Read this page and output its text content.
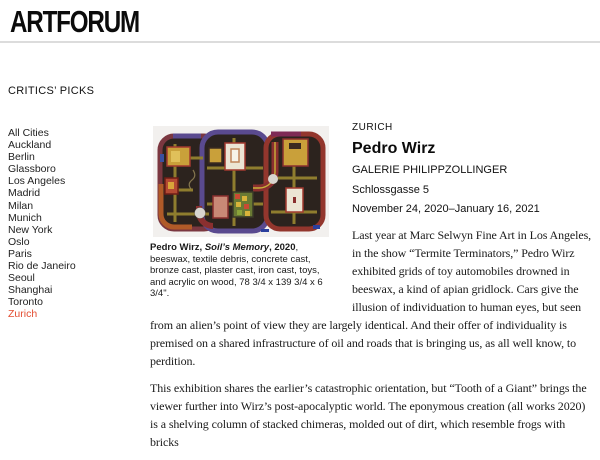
ARTFORUM
CRITICS’ PICKS
All Cities
Auckland
Berlin
Glassboro
Los Angeles
Madrid
Milan
Munich
New York
Oslo
Paris
Rio de Janeiro
Seoul
Shanghai
Toronto
Zurich
Pedro Wirz, Soil’s Memory, 2020, beeswax, textile debris, concrete cast, bronze cast, plaster cast, iron cast, toys, and acrylic on wood, 78 3/4 x 139 3/4 x 6 3/4".
ZURICH
Pedro Wirz
GALERIE PHILIPPZOLLINGER
Schlossgasse 5
November 24, 2020–January 16, 2021

Last year at Marc Selwyn Fine Art in Los Angeles, in the show “Termite Terminators,” Pedro Wirz exhibited grids of toy automobiles drowned in beeswax, a kind of apian gridlock. Cars give the illusion of individuation to human eyes, but seen from an alien’s point of view they are largely identical. And their offer of individuality is premised on a shared infrastructure of oil and roads that is bringing us, as all well know, to perdition.

This exhibition shares the earlier’s catastrophic orientation, but “Tooth of a Giant” brings the viewer further into Wirz’s post-apocalyptic world. The eponymous creation (all works 2020) is a shelving column of stacked chimeras, molded out of dirt, which resemble frogs with bricks
